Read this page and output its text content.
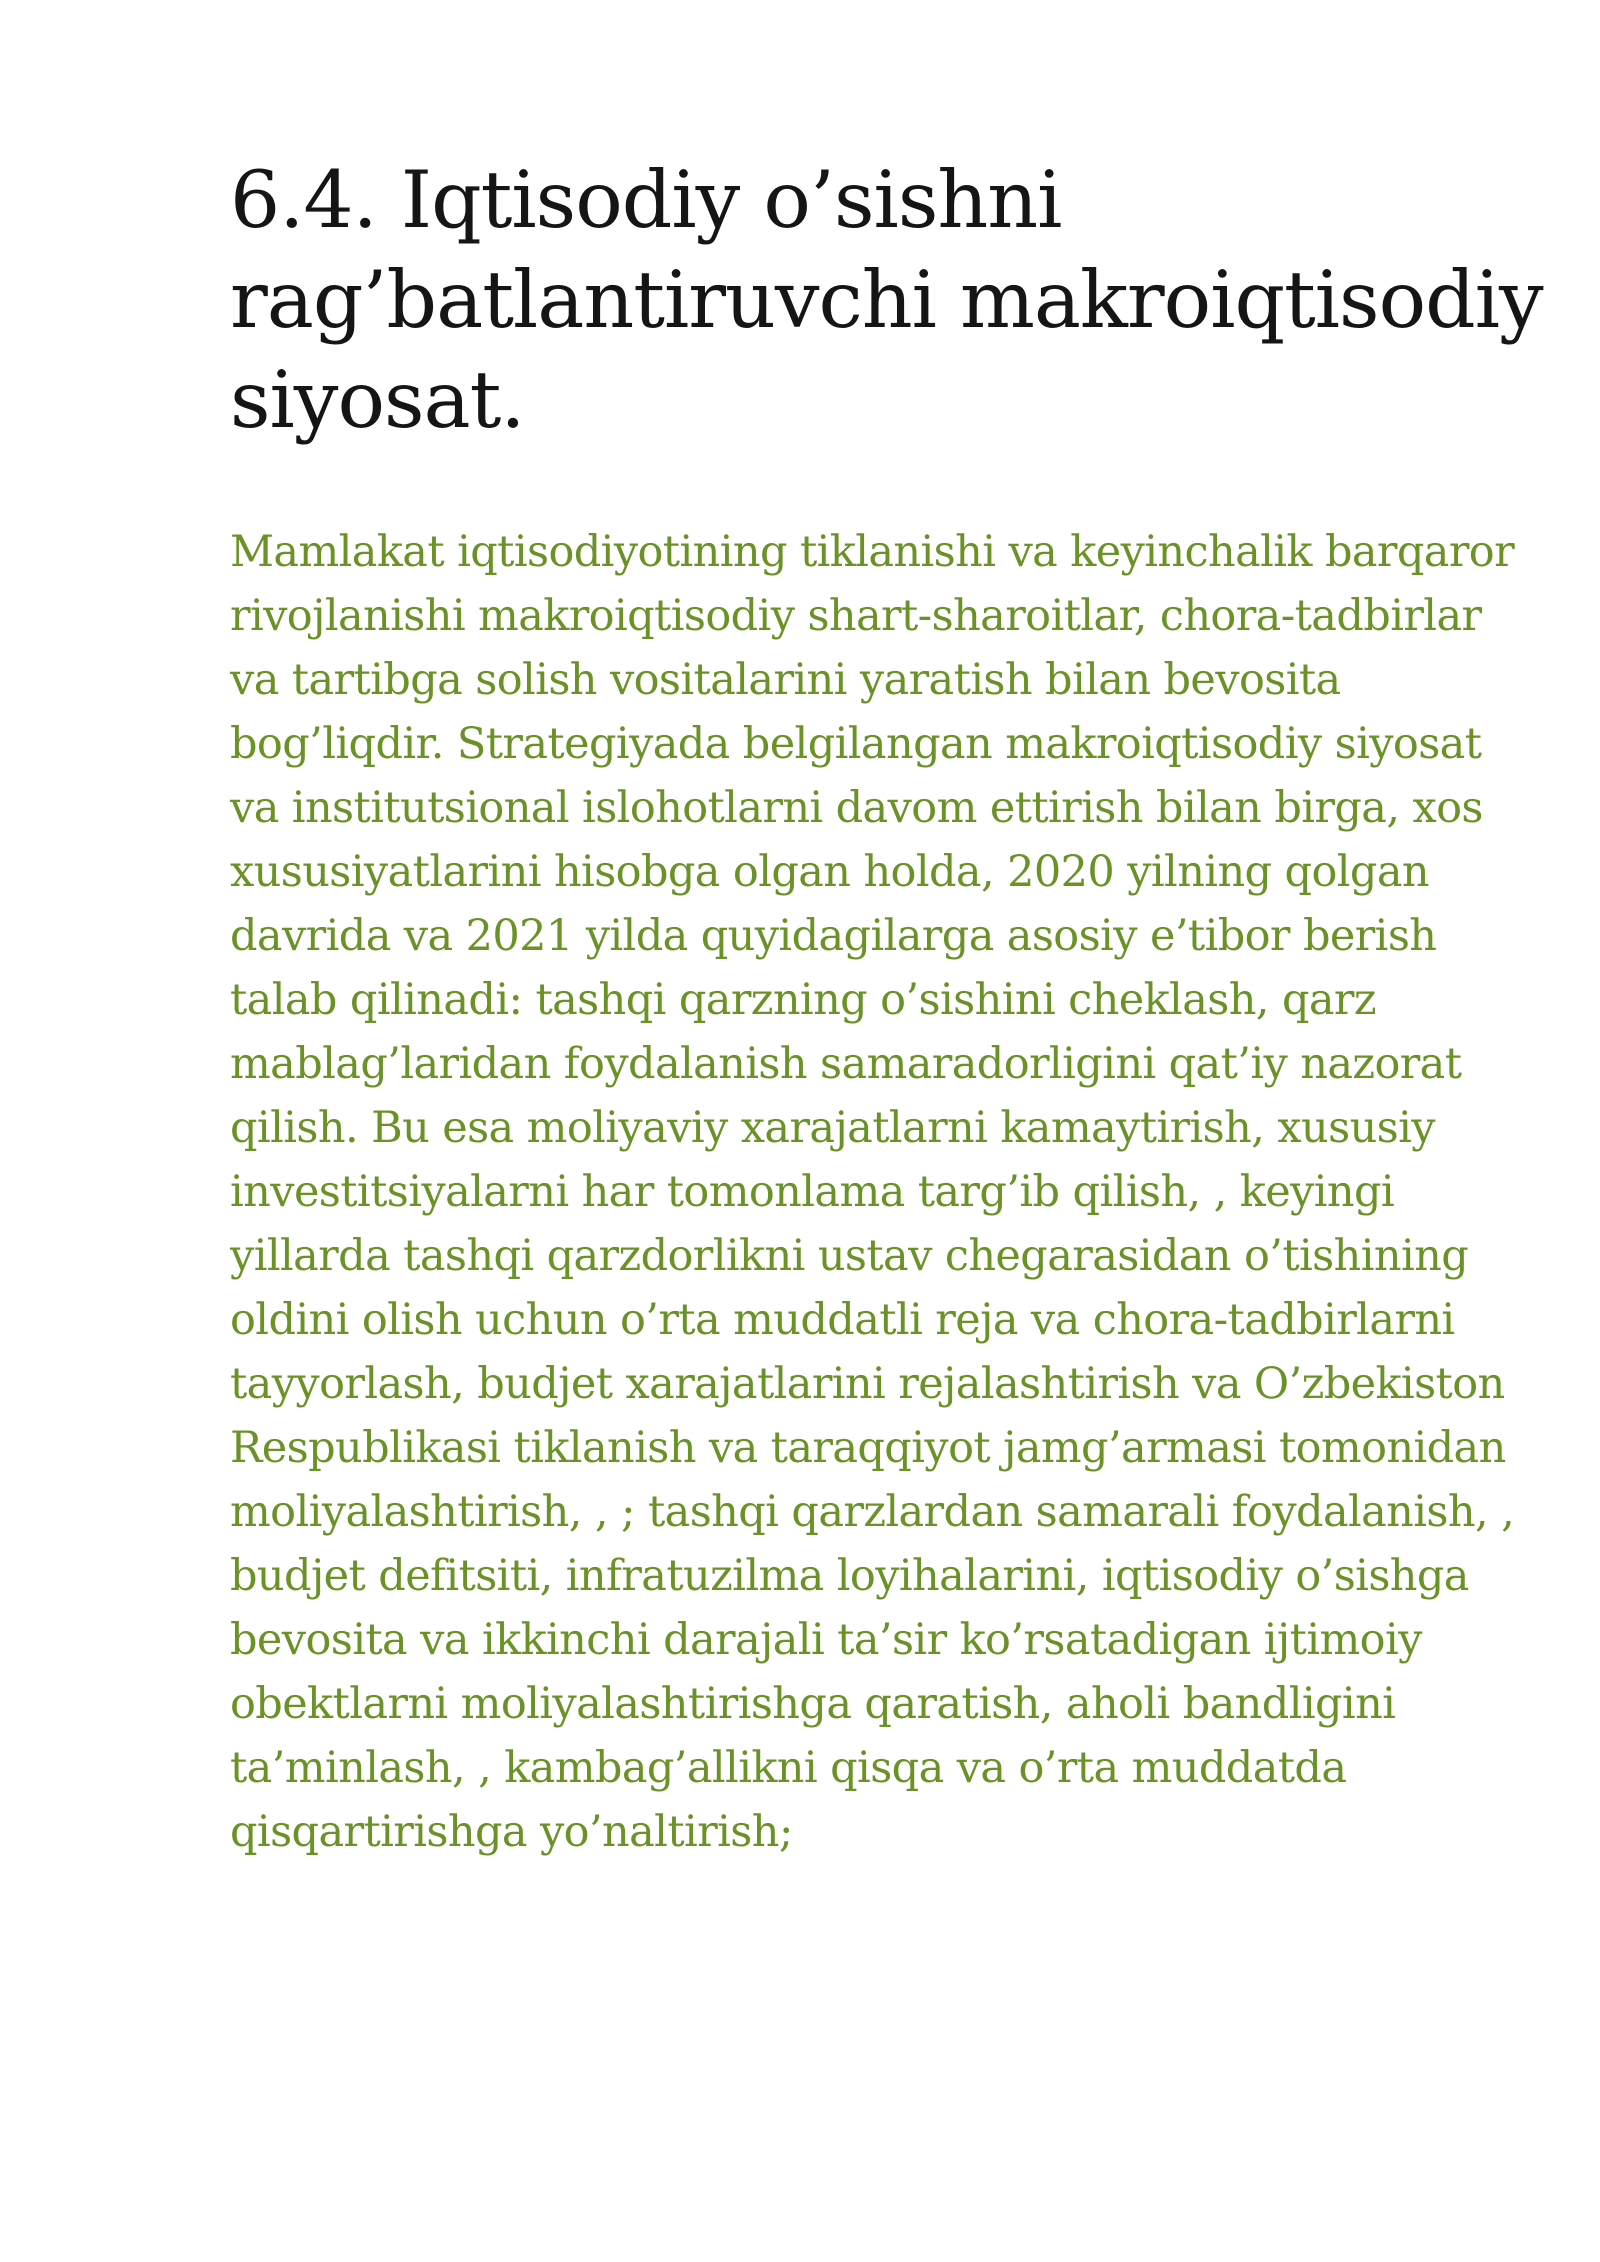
6.4. Iqtisodiy o’sishni
rag’batlantiruvchi makroiqtisodiy
siyosat.
Mamlakat iqtisodiyotining tiklanishi va keyinchalik barqaror
rivojlanishi makroiqtisodiy shart-sharoitlar, chora-tadbirlar
va tartibga solish vositalarini yaratish bilan bevosita
bog’liqdir. Strategiyada belgilangan makroiqtisodiy siyosat
va institutsional islohotlarni davom ettirish bilan birga, xos
xususiyatlarini hisobga olgan holda, 2020 yilning qolgan
davrida va 2021 yilda quyidagilarga asosiy e’tibor berish
talab qilinadi: tashqi qarzning o’sishini cheklash, qarz
mablag’laridan foydalanish samaradorligini qat’iy nazorat
qilish. Bu esa moliyaviy xarajatlarni kamaytirish, xususiy
investitsiyalarni har tomonlama targ’ib qilish, , keyingi
yillarda tashqi qarzdorlikni ustav chegarasidan o’tishining
oldini olish uchun o’rta muddatli reja va chora-tadbirlarni
tayyorlash, budjet xarajatlarini rejalashtirish va O’zbekiston
Respublikasi tiklanish va taraqqiyot jamg’armasi tomonidan
moliyalashtirish, , ; tashqi qarzlardan samarali foydalanish, ,
budjet defitsiti, infratuzilma loyihalarini, iqtisodiy o’sishga
bevosita va ikkinchi darajali ta’sir ko’rsatadigan ijtimoiy
obektlarni moliyalashtirishga qaratish, aholi bandligini
ta’minlash, , kambag’allikni qisqa va o’rta muddatda
qisqartirishga yo’naltirish;
